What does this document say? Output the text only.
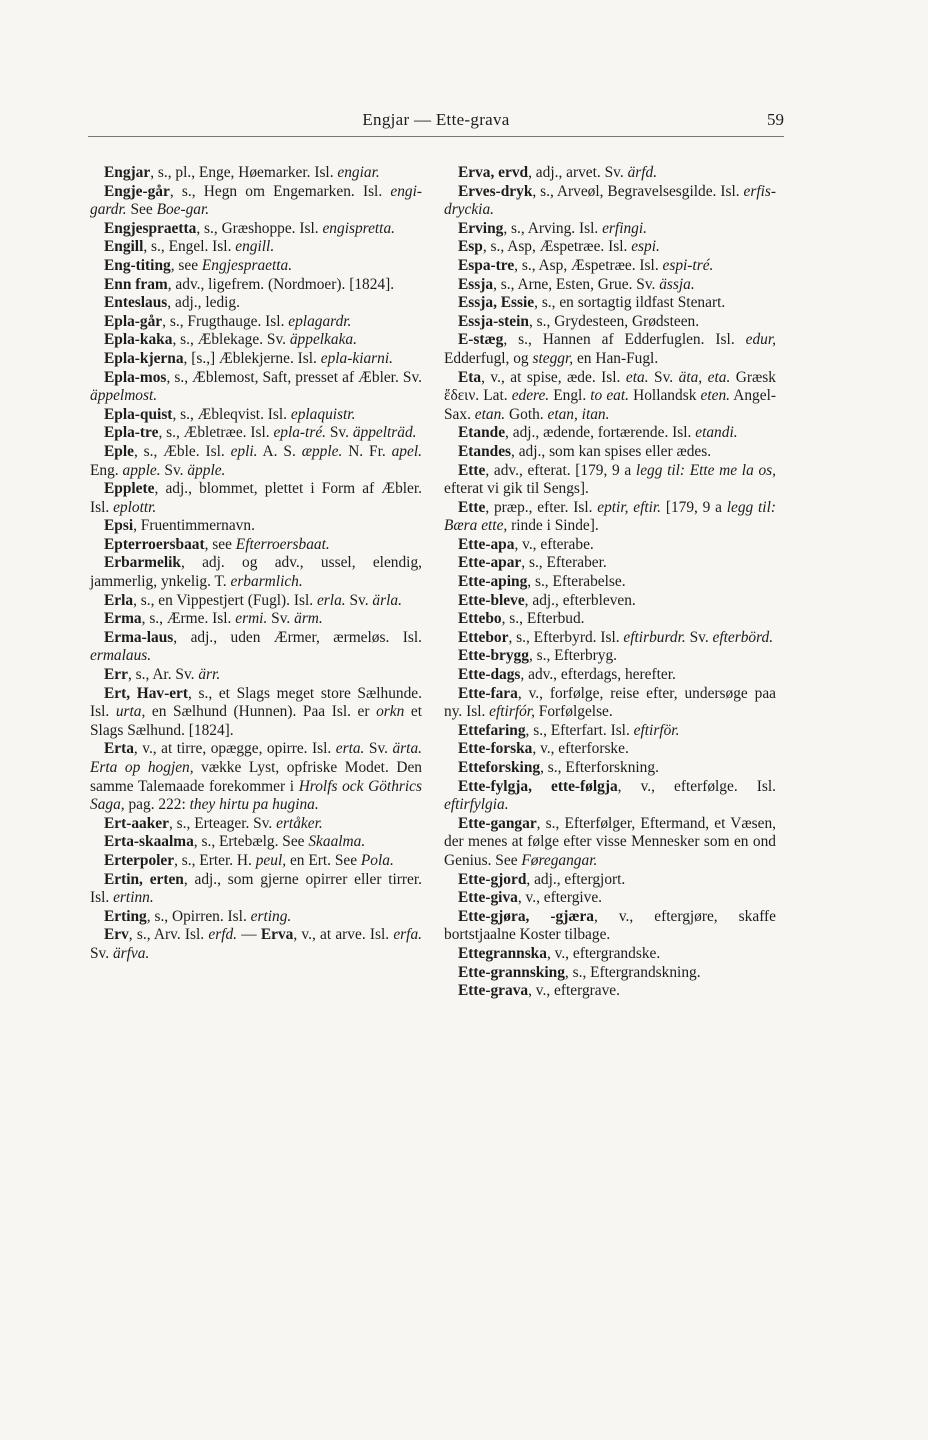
Engjar — Ette-grava	59

Engjar, s., pl., Enge, Høemarker. Isl. engiar.

Engje-går, s., Hegn om Engemarken. Isl. engi-gardr. See Boe-gar.

Engjespraetta, s., Græshoppe. Isl. engispretta.

Engill, s., Engel. Isl. engill.

Eng-titing, see Engjespraetta.

Enn fram, adv., ligefrem. (Nordmoer). [1824].

Enteslaus, adj., ledig.

Epla-går, s., Frugthauge. Isl. eplagardr.

Epla-kaka, s., Æblekage. Sv. äppelkaka.

Epla-kjerna, [s.,] Æblekjerne. Isl. epla-kiarni.

Epla-mos, s., Æblemost, Saft, presset af Æbler. Sv. äppelmost.

Epla-quist, s., Æbleqvist. Isl. eplaquistr.

Epla-tre, s., Æbletræe. Isl. epla-tré. Sv. äppelträd.

Eple, s., Æble. Isl. epli. A. S. æpple. N. Fr. apel. Eng. apple. Sv. äpple.

Epplete, adj., blommet, plettet i Form af Æbler. Isl. eplottr.

Epsi, Fruentimmernavn.

Epterroersbaat, see Efterroersbaat.

Erbarmelik, adj. og adv., ussel, elendig, jammerlig, ynkelig. T. erbarmlich.

Erla, s., en Vippestjert (Fugl). Isl. erla. Sv. ärla.

Erma, s., Ærme. Isl. ermi. Sv. ärm.

Erma-laus, adj., uden Ærmer, ærmeløs. Isl. ermalaus.

Err, s., Ar. Sv. ärr.

Ert, Hav-ert, s., et Slags meget store Sælhunde. Isl. urta, en Sælhund (Hunnen). Paa Isl. er orkn et Slags Sælhund. [1824].

Erta, v., at tirre, opægge, opirre. Isl. erta. Sv. ärta. Erta op hogjen, vække Lyst, opfriske Modet. Den samme Talemaade forekommer i Hrolfs ock Göthrics Saga, pag. 222: they hirtu pa hugina.

Ert-aaker, s., Erteager. Sv. ertåker.

Erta-skaalma, s., Ertebælg. See Skaalma.

Erterpoler, s., Erter. H. peul, en Ert. See Pola.

Ertin, erten, adj., som gjerne opirrer eller tirrer. Isl. ertinn.

Erting, s., Opirren. Isl. erting.

Erv, s., Arv. Isl. erfd. — Erva, v., at arve. Isl. erfa. Sv. ärfva.

Erva, ervd, adj., arvet. Sv. ärfd.

Erves-dryk, s., Arveøl, Begravelsesgilde. Isl. erfis-dryckia.

Erving, s., Arving. Isl. erfingi.

Esp, s., Asp, Æspetræe. Isl. espi.

Espa-tre, s., Asp, Æspetræe. Isl. espi-tré.

Essja, s., Arne, Esten, Grue. Sv. ässja.

Essja, Essie, s., en sortagtig ildfast Stenart.

Essja-stein, s., Grydesteen, Grødsteen.

E-stæg, s., Hannen af Edderfuglen. Isl. edur, Edderfugl, og steggr, en Han-Fugl.

Eta, v., at spise, æde. Isl. eta. Sv. äta, eta. Græsk ἔδειν. Lat. edere. Engl. to eat. Hollandsk eten. Angel-Sax. etan. Goth. etan, itan.

Etande, adj., ædende, fortærende. Isl. etandi.

Etandes, adj., som kan spises eller ædes.

Ette, adv., efterat. [179, 9 a legg til: Ette me la os, efterat vi gik til Sengs].

Ette, præp., efter. Isl. eptir, eftir. [179, 9 a legg til: Bæra ette, rinde i Sinde].

Ette-apa, v., efterabe.

Ette-apar, s., Efteraber.

Ette-aping, s., Efterabelse.

Ette-bleve, adj., efterbleven.

Ettebo, s., Efterbud.

Ettebor, s., Efterbyrd. Isl. eftirburdr. Sv. efterbörd.

Ette-brygg, s., Efterbryg.

Ette-dags, adv., efterdags, herefter.

Ette-fara, v., forfølge, reise efter, undersøge paa ny. Isl. eftirfór, Forfølgelse.

Ettefaring, s., Efterfart. Isl. eftirför.

Ette-forska, v., efterforske.

Etteforsking, s., Efterforskning.

Ette-fylgja, ette-følgja, v., efterfølge. Isl. eftirfylgia.

Ette-gangar, s., Efterfølger, Eftermand, et Væsen, der menes at følge efter visse Mennesker som en ond Genius. See Føregangar.

Ette-gjord, adj., eftergjort.

Ette-giva, v., eftergive.

Ette-gjøra, -gjæra, v., eftergjøre, skaffe bortstjaalne Koster tilbage.

Ettegrannska, v., eftergrandske.

Ette-grannsking, s., Eftergrandskning.

Ette-grava, v., eftergrave.
